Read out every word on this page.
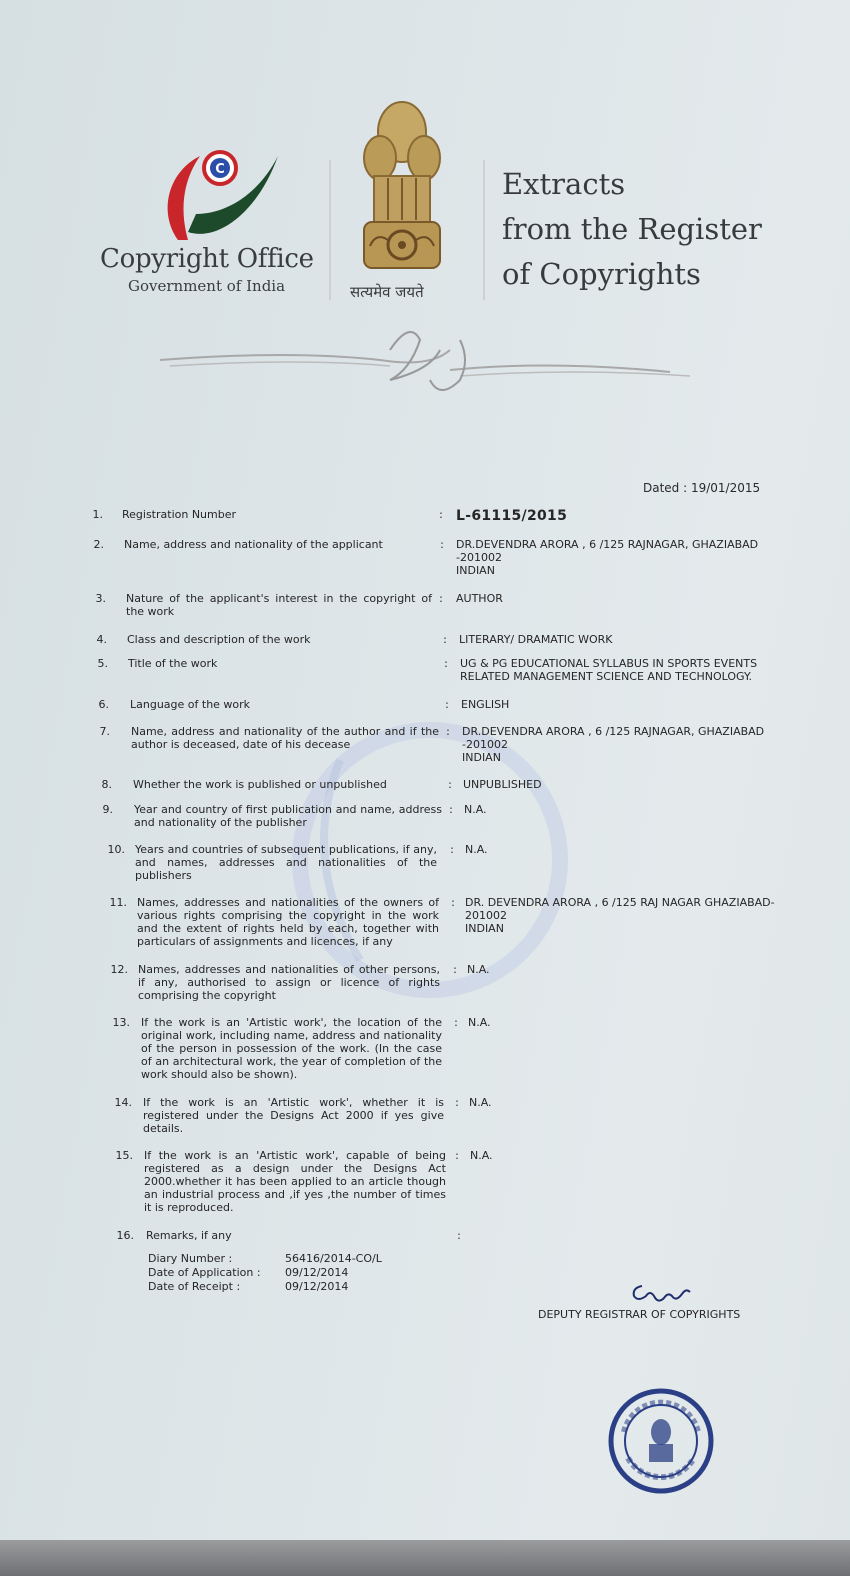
C
Copyright Office
Government of India	सत्यमेव जयते
Extracts
from the Register
of Copyrights
Dated : 19/01/2015
1. Registration Number	: L-61115/2015
2. Name, address and nationality of the applicant	: DR.DEVENDRA ARORA , 6 /125 RAJNAGAR, GHAZIABAD
-201002
INDIAN
3. Nature of the applicant's interest in the copyright of the work
: AUTHOR
4. Class and description of the work	: LITERARY/ DRAMATIC WORK
5. Title of the work	: UG & PG EDUCATIONAL SYLLABUS IN SPORTS EVENTS
RELATED MANAGEMENT SCIENCE AND TECHNOLOGY.
6. Language of the work	: ENGLISH
7. Name, address and nationality of the author and if the author is deceased, date of his decease
: DR.DEVENDRA ARORA , 6 /125 RAJNAGAR, GHAZIABAD
-201002
INDIAN
8. Whether the work is published or unpublished	: UNPUBLISHED
9. Year and country of first publication and name, address and nationality of the publisher
: N.A.
10. Years and countries of subsequent publications, if any, and names, addresses and nationalities of the publishers
: N.A.
11. Names, addresses and nationalities of the owners of various rights comprising the copyright in the work and the extent of rights held by each, together with particulars of assignments and licences, if any
: DR. DEVENDRA ARORA , 6 /125 RAJ NAGAR GHAZIABAD-
201002
INDIAN
12. Names, addresses and nationalities of other persons, if any, authorised to assign or licence of rights comprising the copyright
: N.A.
13. If the work is an 'Artistic work', the location of the original work, including name, address and nationality of the person in possession of the work. (In the case of an architectural work, the year of completion of the work should also be shown).
: N.A.
14. If the work is an 'Artistic work', whether it is registered under the Designs Act 2000 if yes give details.
: N.A.
15. If the work is an 'Artistic work', capable of being registered as a design under the Designs Act 2000.whether it has been applied to an article though an industrial process and ,if yes ,the number of times it is reproduced.
: N.A.
16. Remarks, if any	:
Diary Number :	56416/2014-CO/L
Date of Application : 09/12/2014
Date of Receipt :	09/12/2014
DEPUTY REGISTRAR OF COPYRIGHTS
